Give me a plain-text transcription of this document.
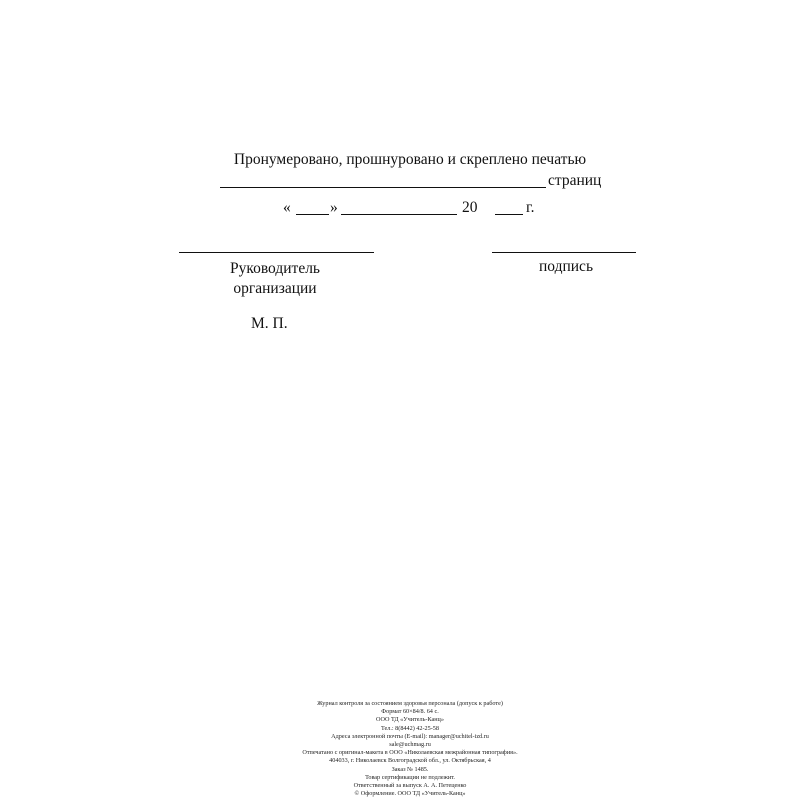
Пронумеровано, прошнуровано и скреплено печатью
страниц
«	»	20	г.
Руководитель
организации
подпись
М. П.
Журнал контроля за состоянием здоровья персонала (допуск к работе)
Формат 60×84/8. 64 с.
ООО ТД «Учитель-Канц»
Тел.: 8(8442) 42-25-58
Адреса электронной почты (E-mail): manager@uchitel-izd.ru
sale@uchmag.ru
Отпечатано с оригинал-макета в ООО «Николаевская межрайонная типография».
404033, г. Николаевск Волгоградской обл., ул. Октябрьская, 4
Заказ № 1485.
Товар сертификации не подлежит.
Ответственный за выпуск А. А. Петеценко
© Оформление. ООО ТД «Учитель-Канц»
